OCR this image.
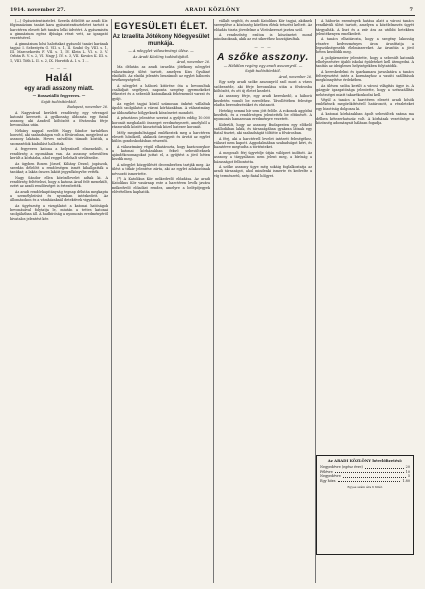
1914. november 27.	ARADI KÖZLÖNY	7

(—) Gyászistentisztelet. Szerda délelőtt az aradi Kir. főgimnázium tanári kara gyászistentiszteletet tartott a harctéren elesett két tanára lelki üdvéért. A gyászmisén a gimnázium egész ifjúsága részt vett, az igazgató vezetésével.

A gimnázium hősi halottakat gyászoló tanári karának tagjai: I. Sebestyén G. VII. s. 1, II. Szabó Gy. VIII. s. 1, III. Marcsekovits F. VII. s. 1, IV. Klein L. VI. s. 3. V. Orbán R. V. s. 2, VI. Nagy J. IV. s. 3, VII. Kovács K. III. s. 1, VIII. Tóth L. II. s. 2, IX. Horváth A. I. s. 1 ...

— — —
Halál
egy aradi asszony miatt.
— Bosszúálló fegyveres. —
Saját tudósítónktól.
Budapest, november 26.

A Nagyvárad kerületi rendőrség egy vérengző katonát keresett. A gyilkosság áldozata egy fiatal asszony, aki Aradról költözött a fővárosba férje bevonulása után.

Néhány nappal ezelőtt Nagy Sándor tartalékos honvéd, aki szabadságon volt a fővárosban, megjelent az asszony lakásán. Heves szóváltás támadt köztük, a szomszédok kiabálást hallottak.

A fegyveres katona a helyszínről elmenekült, a rendőrség a nyomában van. Az asszony sebesülten került a kórházba, ahol reggel belehalt sérüléseibe.

Az ügyben Rosen József, Kiliány Dezső, jogászok, szerdán délelőtt a rendőrségen ismét kihallgatták a tanúkat; a lakás összes lakóit jegyzőkönyvbe vették.

Nagy Sándor ellen körözőlevelet adtak ki. A rendőrség feltételezi, hogy a katona Arad felé menekült, ezért az aradi rendőrséget is értesítették.

Az aradi rendőrkapitányság tegnap délután megkapta a személyleírást és nyomban intézkedett. Az állomásokon és a vámházaknál detektívek vigyáznak.

Az ügyészség a vizsgálatot a katonai hatóságok bevonásával folytatja le, miután a tettes katonai szolgálatban áll. A hadbíróság a nyomozás eredményéről hivatalos jelentést kér.

EGYESÜLETI ÉLET.
Az Izraelita Jótékony Nőegyesület munkája.
— A nőegylet választmányi ülése. —
Az Aradi Közlöny tudósítójától.
Arad, november 26.

Ma délután az aradi izraelita jótékony nőegylet választmányi ülést tartott, amelyen Kiss Gyuláné elnökölt. Az elnöki jelentés beszámolt az egylet háborús tevékenységéről.

A nőegylet a háború kitörése óta a bevonultak családjait segélyezi, naponta szegény gyermekeket étkeztet és a sebesült katonáknak fehérneműt varrat és gyűjt.

Az egylet tagjai közül számosan önként vállaltak ápolói szolgálatot a városi kórházakban. A választmány az áldozatkész hölgyeknek köszönetet mondott.

A pénztáros jelentése szerint a gyűjtés eddig 10.000 koronát meghaladó összeget eredményezett, amelyből a rászorulók között kiosztottak közel hatezer koronát.

Mély megindultsággal emlékeztek meg a harctéren elesett hősökről, akiknek özvegyeit és árváit az egylet külön gondoskodásban részesíti.

A választmány végül elhatározta, hogy karácsonykor a katonai kórházakban fekvő sebesülteknek ajándékcsomagokat juttat el, a gyűjtést a jövő héten kezdik meg.

A nőegylet közgyűlését decemberben tartják meg. Az ülést a titkár jelentése zárta, aki az egylet adakozóinak névsorát ismertette.

(*) A Katolikus Kör műkedvelő előadása. Az aradi Katolikus Kör vasárnap este a harctéren levők javára műkedvelő előadást rendez, amelyre a belépőjegyek elővételben kaphatók.

vállalt segítői, és aradi Katolikus Kör tagjai, akiknek szereplése a közönség körében élénk tetszést keltett. Az előadás tiszta jövedelme a Vöröskereszt javára szól.

A rendezőség ezúton is köszönetet mond mindazoknak, akik az est sikeréhez hozzájárultak.

— — —
A szőke asszony.
— Hálátlan regény egy aradi asszonyról. —
Saját tudósítónktól.
Arad, november 26.

Egy szép aradi szőke asszonyról szól most a város szóbeszéde, aki férje bevonulása után a fővárosba költözött, és ott új életet kezdett.

Az asszony férje, egy aradi kereskedő, a háború kezdetén vonult be ezredéhez. Távollétében felesége eladta berendezésüket és elutazott.

Hetekig semmi hír sem jött felőle. A rokonok aggódni kezdtek, és a rendőrségen jelentették be eltűnését. A nyomozás hamarosan eredményre vezetett.

Kiderült, hogy az asszony Budapesten egy előkelő szállodában lakik, és társaságában gyakran látnak egy fiatal tisztet, aki szabadságát töltötte a fővárosban.

A férj, aki a harctérről levelet intézett feleségéhez, választ nem kapott. Aggodalmában szabadságot kért, és hazatérve megtudta a történteket.

A megcsalt férj ügyvédje útján válópert indított. Az asszony a tárgyaláson nem jelent meg, a bíróság a házasságot felbontotta.

A szőke asszony ügye még sokáig foglalkoztatja az aradi társaságot, ahol mindenki ismerte és kedvelte a víg természetű, szép fiatal hölgyet.

A háborús események hatása alatt a városi tanács rendkívüli ülést tartott, amelyen a közélelmezés ügyét tárgyalták. A liszt és a zsír ára az utóbbi hetekben jelentékenyen emelkedett.

A tanács elhatározta, hogy a szegény lakosság részére kedvezményes áron árusíttatja a legszükségesebb élelmiszereket. Az árusítás a jövő héten kezdődik meg.

A polgármester jelentette, hogy a sebesült katonák elhelyezésére újabb iskolai épületeket kell átengedni. A tanítás az ideiglenes helyiségekben folytatódik.

A kereskedelmi és iparkamara javaslatára a tanács felterjesztést intéz a kormányhoz a vasúti szállítások megkönnyítése érdekében.

Az ülésen szóba került a városi világítás ügye is. A gázgyár igazgatósága jelentette, hogy a szénszállítás nehézségei miatt takarékoskodni kell.

Végül a tanács a harctéren elesett aradi hősök emlékének megörökítéséről határozott, a részleteket egy bizottság dolgozza ki.

A katonai kórházakban ápolt sebesültek száma ma délben kétezerhatszáz volt. A kórházak vezetősége a közönség adományait hálásan fogadja.

Az ARADI KÖZLÖNY bérelőfizetési:
Negyedévre (egész évre)	20
Félévre	10
Negyedévre	5
Egy hóra	1.80
Egyes szám ára 6 fillér.
